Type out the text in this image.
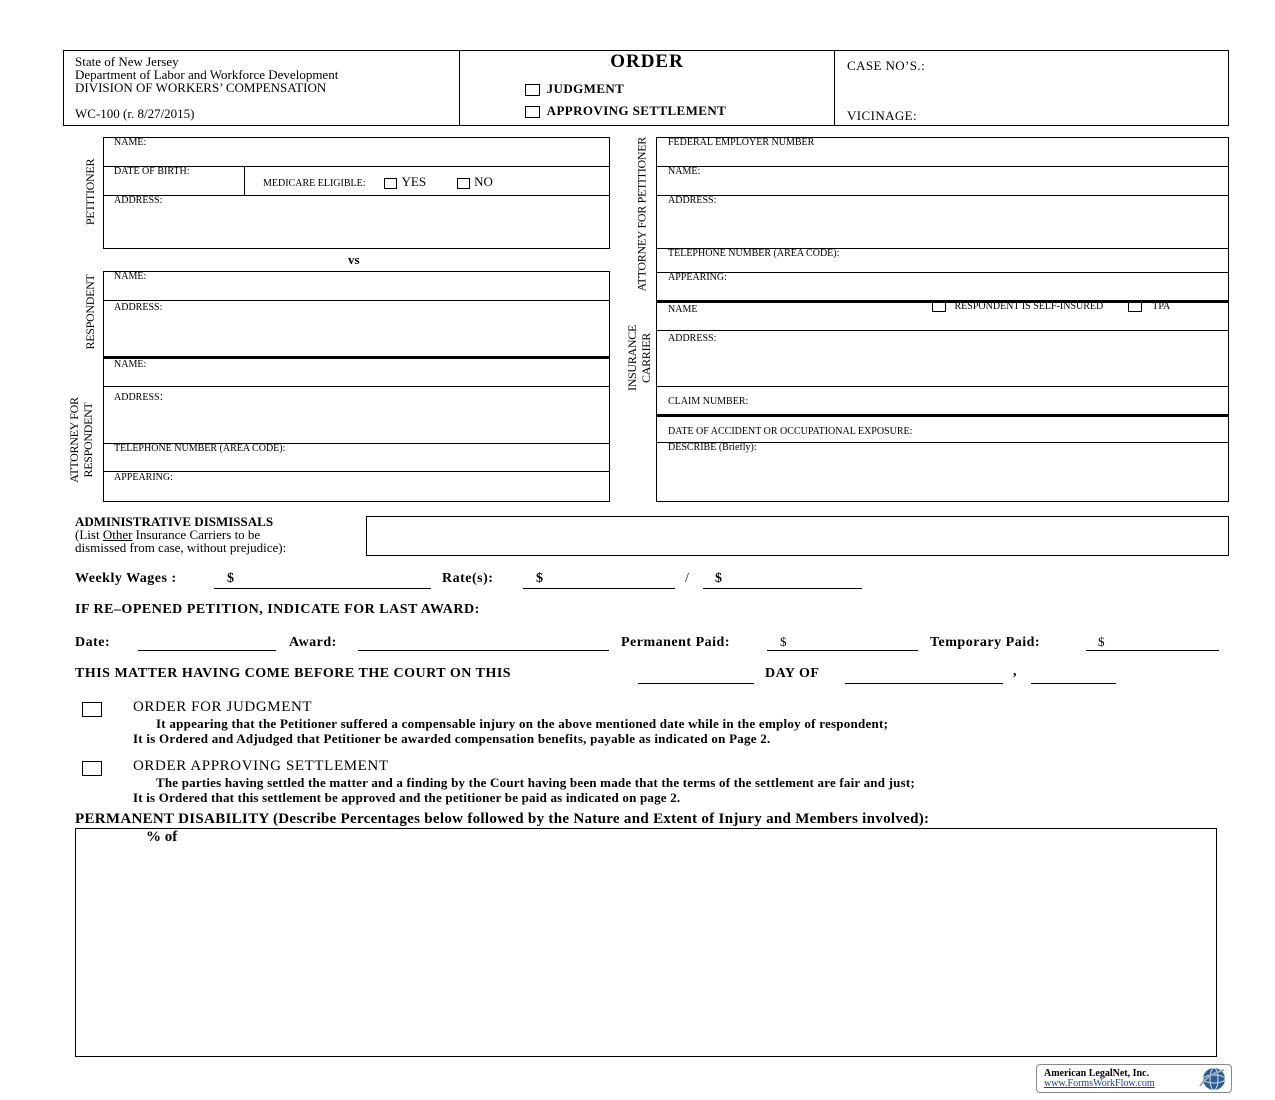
State of New Jersey
Department of Labor and Workforce Development
DIVISION OF WORKERS’ COMPENSATION
WC-100 (r. 8/27/2015)
ORDER
JUDGMENT
APPROVING SETTLEMENT
CASE NO’S.:
VICINAGE:
PETITIONER
NAME:
DATE OF BIRTH:
MEDICARE ELIGIBLE:	YES	NO
ADDRESS:
vs
RESPONDENT
ATTORNEY FOR RESPONDENT
NAME:
ADDRESS:
NAME:
ADDRESS:
TELEPHONE NUMBER (AREA CODE):
APPEARING:
ATTORNEY FOR PETITIONER
INSURANCE CARRIER
FEDERAL EMPLOYER NUMBER
NAME:
ADDRESS:
TELEPHONE NUMBER (AREA CODE):
APPEARING:
NAME	RESPONDENT IS SELF-INSURED	TPA
ADDRESS:
CLAIM NUMBER:
DATE OF ACCIDENT OR OCCUPATIONAL EXPOSURE:
DESCRIBE (Briefly):
ADMINISTRATIVE DISMISSALS
(List Other Insurance Carriers to be
dismissed from case, without prejudice):
Weekly Wages :	$	Rate(s):	$	/ $
IF RE–OPENED PETITION, INDICATE FOR LAST AWARD:
Date:	Award:	Permanent Paid:	$	Temporary Paid:	$
THIS MATTER HAVING COME BEFORE THE COURT ON THIS	DAY OF	,
ORDER FOR JUDGMENT
It appearing that the Petitioner suffered a compensable injury on the above mentioned date while in the employ of respondent;
It is Ordered and Adjudged that Petitioner be awarded compensation benefits, payable as indicated on Page 2.
ORDER APPROVING SETTLEMENT
The parties having settled the matter and a finding by the Court having been made that the terms of the settlement are fair and just;
It is Ordered that this settlement be approved and the petitioner be paid as indicated on page 2.
PERMANENT DISABILITY (Describe Percentages below followed by the Nature and Extent of Injury and Members involved):
% of
American LegalNet, Inc.
www.FormsWorkFlow.com
